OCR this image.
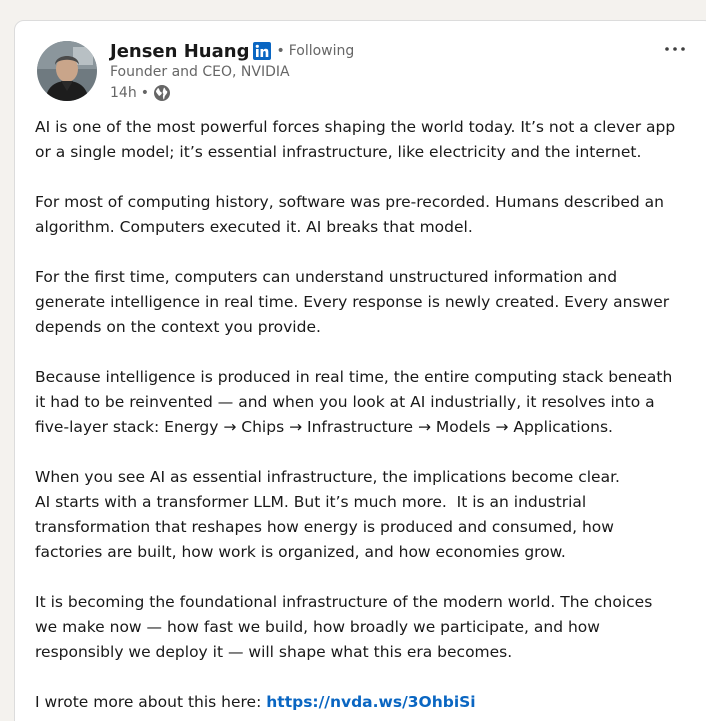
Jensen Huang • Following
Founder and CEO, NVIDIA
14h •

AI is one of the most powerful forces shaping the world today. It’s not a clever app
or a single model; it’s essential infrastructure, like electricity and the internet.

For most of computing history, software was pre-recorded. Humans described an
algorithm. Computers executed it. AI breaks that model.

For the first time, computers can understand unstructured information and
generate intelligence in real time. Every response is newly created. Every answer
depends on the context you provide.

Because intelligence is produced in real time, the entire computing stack beneath
it had to be reinvented — and when you look at AI industrially, it resolves into a
five-layer stack: Energy → Chips → Infrastructure → Models → Applications.

When you see AI as essential infrastructure, the implications become clear.
AI starts with a transformer LLM. But it’s much more.  It is an industrial
transformation that reshapes how energy is produced and consumed, how
factories are built, how work is organized, and how economies grow.

It is becoming the foundational infrastructure of the modern world. The choices
we make now — how fast we build, how broadly we participate, and how
responsibly we deploy it — will shape what this era becomes.

I wrote more about this here: https://nvda.ws/3OhbiSi
